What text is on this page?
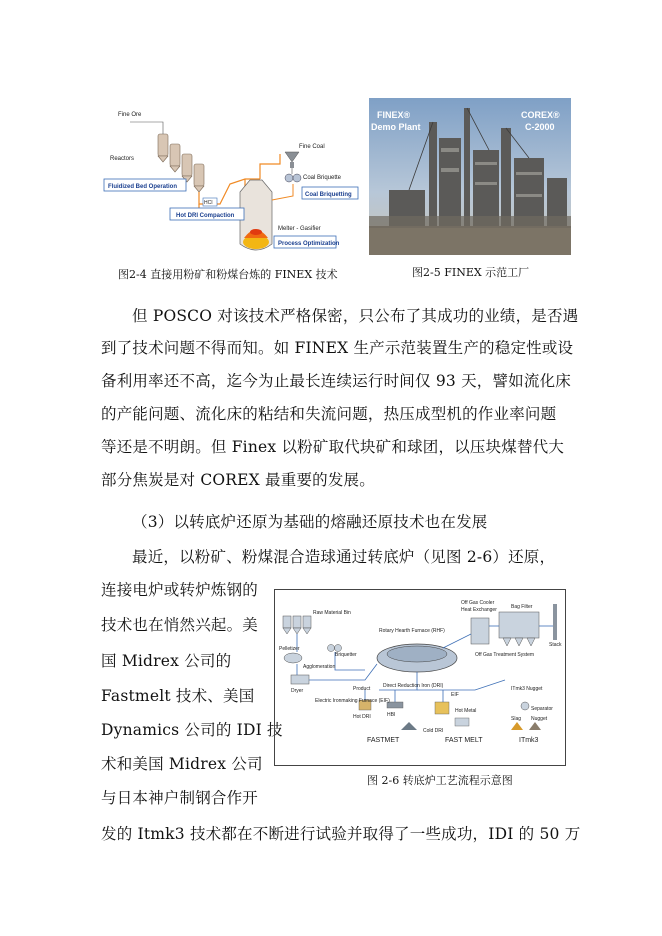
Fine Ore
Reactors
Fluidized Bed Operation
HCI
Hot DRI Compaction
Fine Coal
Coal Briquette
Coal Briquetting
Melter - Gasifier
Process Optimization
FINEX®
Demo Plant
COREX®
C-2000
图2-4 直接用粉矿和粉煤台炼的 FINEX 技术	图2-5 FINEX 示范工厂
但 POSCO 对该技术严格保密，只公布了其成功的业绩，是否遇
到了技术问题不得而知。如 FINEX 生产示范装置生产的稳定性或设
备利用率还不高，迄今为止最长连续运行时间仅 93 天，譬如流化床
的产能问题、流化床的粘结和失流问题，热压成型机的作业率问题
等还是不明朗。但 Finex 以粉矿取代块矿和球团，以压块煤替代大
部分焦炭是对 COREX 最重要的发展。
（3）以转底炉还原为基础的熔融还原技术也在发展
最近，以粉矿、粉煤混合造球通过转底炉（见图 2-6）还原，
连接电炉或转炉炼钢的
技术也在悄然兴起。美
国 Midrex 公司的
Fastmelt 技术、美国
Dynamics 公司的 IDI 技
术和美国 Midrex 公司
与日本神户制钢合作开
发的 Itmk3 技术都在不断进行试验并取得了一些成功，IDI 的 50 万
Raw Material Bin
Pelletizer
Briquetter
Agglomeration
Dryer
Rotary Hearth Furnace (RHF)
Off Gas Cooler
Heat Exchanger	Bag Filter
Stack
Off Gas Treatment System
Product	Direct Reduction Iron (DRI)
Electric Ironmaking Furnace (EIF)
EIF
Hot DRI	HBI
Cold DRI
Hot Metal
ITmk3 Nugget
Separator
Slag Nugget
FASTMET	FAST MELT	ITmk3
图 2-6 转底炉工艺流程示意图
